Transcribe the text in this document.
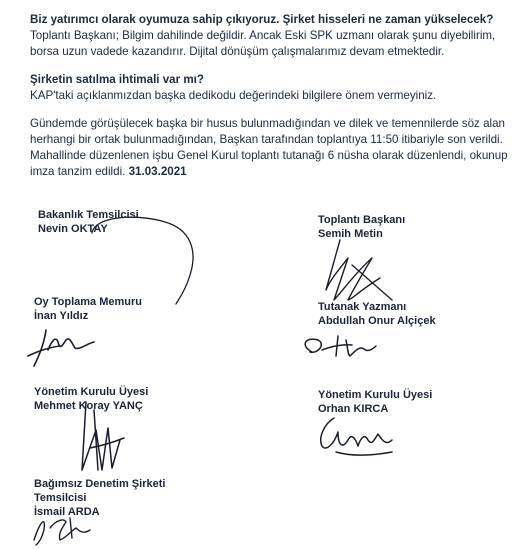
Biz yatırımcı olarak oyumuza sahip çıkıyoruz. Şirket hisseleri ne zaman yükselecek?
Toplantı Başkanı; Bilgim dahilinde değildir. Ancak Eski SPK uzmanı olarak şunu diyebilirim,
borsa uzun vadede kazandırır. Dijital dönüşüm çalışmalarımız devam etmektedir.
Şirketin satılma ihtimali var mı?
KAP'taki açıklanmızdan başka dedikodu değerindeki bilgilere önem vermeyiniz.
Gündemde görüşülecek başka bir husus bulunmadığından ve dilek ve temennilerde söz alan
herhangi bir ortak bulunmadığından, Başkan tarafından toplantıya 11:50 itibariyle son verildi.
Mahallinde düzenlenen işbu Genel Kurul toplantı tutanağı 6 nüsha olarak düzenlendi, okunup
imza tanzim edildi. 31.03.2021
Bakanlık Temsilcisi
Nevin OKTAY
Toplantı Başkanı
Semih Metin
Oy Toplama Memuru
İnan Yıldız
Tutanak Yazmanı
Abdullah Onur Alçiçek
Yönetim Kurulu Üyesi
Mehmet Koray YANÇ
Yönetim Kurulu Üyesi
Orhan KIRCA
Bağımsız Denetim Şirketi
Temsilcisi
İsmail ARDA
